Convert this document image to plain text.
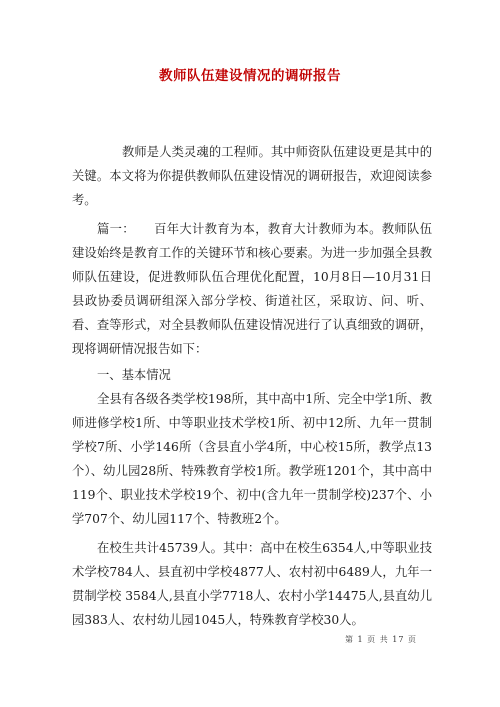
教师队伍建设情况的调研报告

教师是人类灵魂的工程师。其中师资队伍建设更是其中的关键。本文将为你提供教师队伍建设情况的调研报告，欢迎阅读参考。

篇一：　　百年大计教育为本，教育大计教师为本。教师队伍建设始终是教育工作的关键环节和核心要素。为进一步加强全县教师队伍建设，促进教师队伍合理优化配置，10月8日—10月31日县政协委员调研组深入部分学校、街道社区，采取访、问、听、看、查等形式，对全县教师队伍建设情况进行了认真细致的调研，现将调研情况报告如下：

一、基本情况

全县有各级各类学校198所，其中高中1所、完全中学1所、教师进修学校1所、中等职业技术学校1所、初中12所、九年一贯制学校7所、小学146所（含县直小学4所，中心校15所，教学点13个）、幼儿园28所、特殊教育学校1所。教学班1201个，其中高中119个、职业技术学校19个、初中(含九年一贯制学校)237个、小学707个、幼儿园117个、特教班2个。

在校生共计45739人。其中：高中在校生6354人,中等职业技术学校784人、县直初中学校4877人、农村初中6489人，九年一贯制学校 3584人,县直小学7718人、农村小学14475人,县直幼儿园383人、农村幼儿园1045人，特殊教育学校30人。

第 1 页 共 17 页
